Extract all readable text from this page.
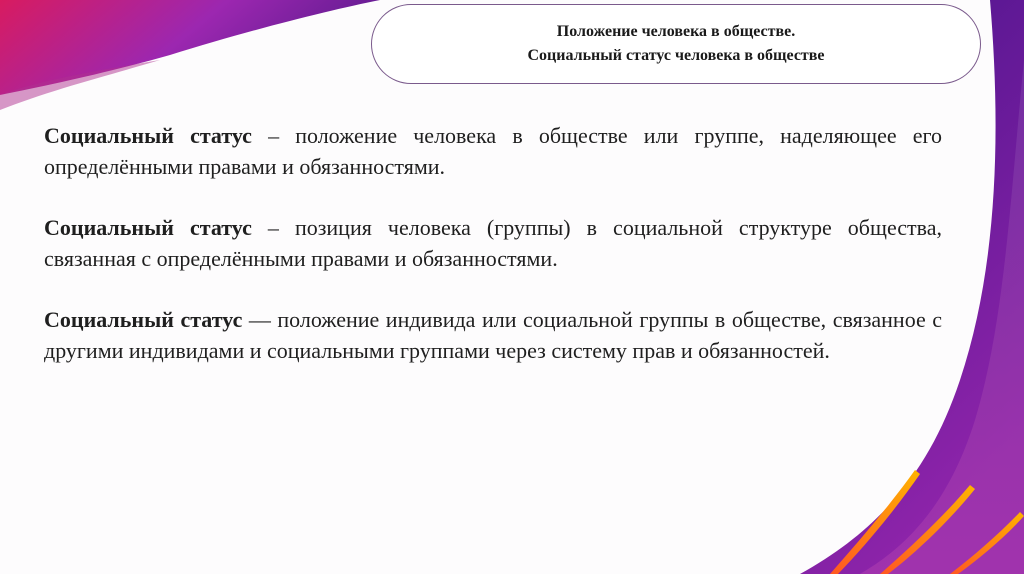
Положение человека в обществе.
Социальный статус человека в обществе

Социальный статус – положение человека в обществе или группе, наделяющее его определёнными правами и обязанностями.

Социальный статус – позиция человека (группы) в социальной структуре общества, связанная с определёнными правами и обязанностями.

Социальный статус — положение индивида или социальной группы в обществе, связанное с другими индивидами и социальными группами через систему прав и обязанностей.
